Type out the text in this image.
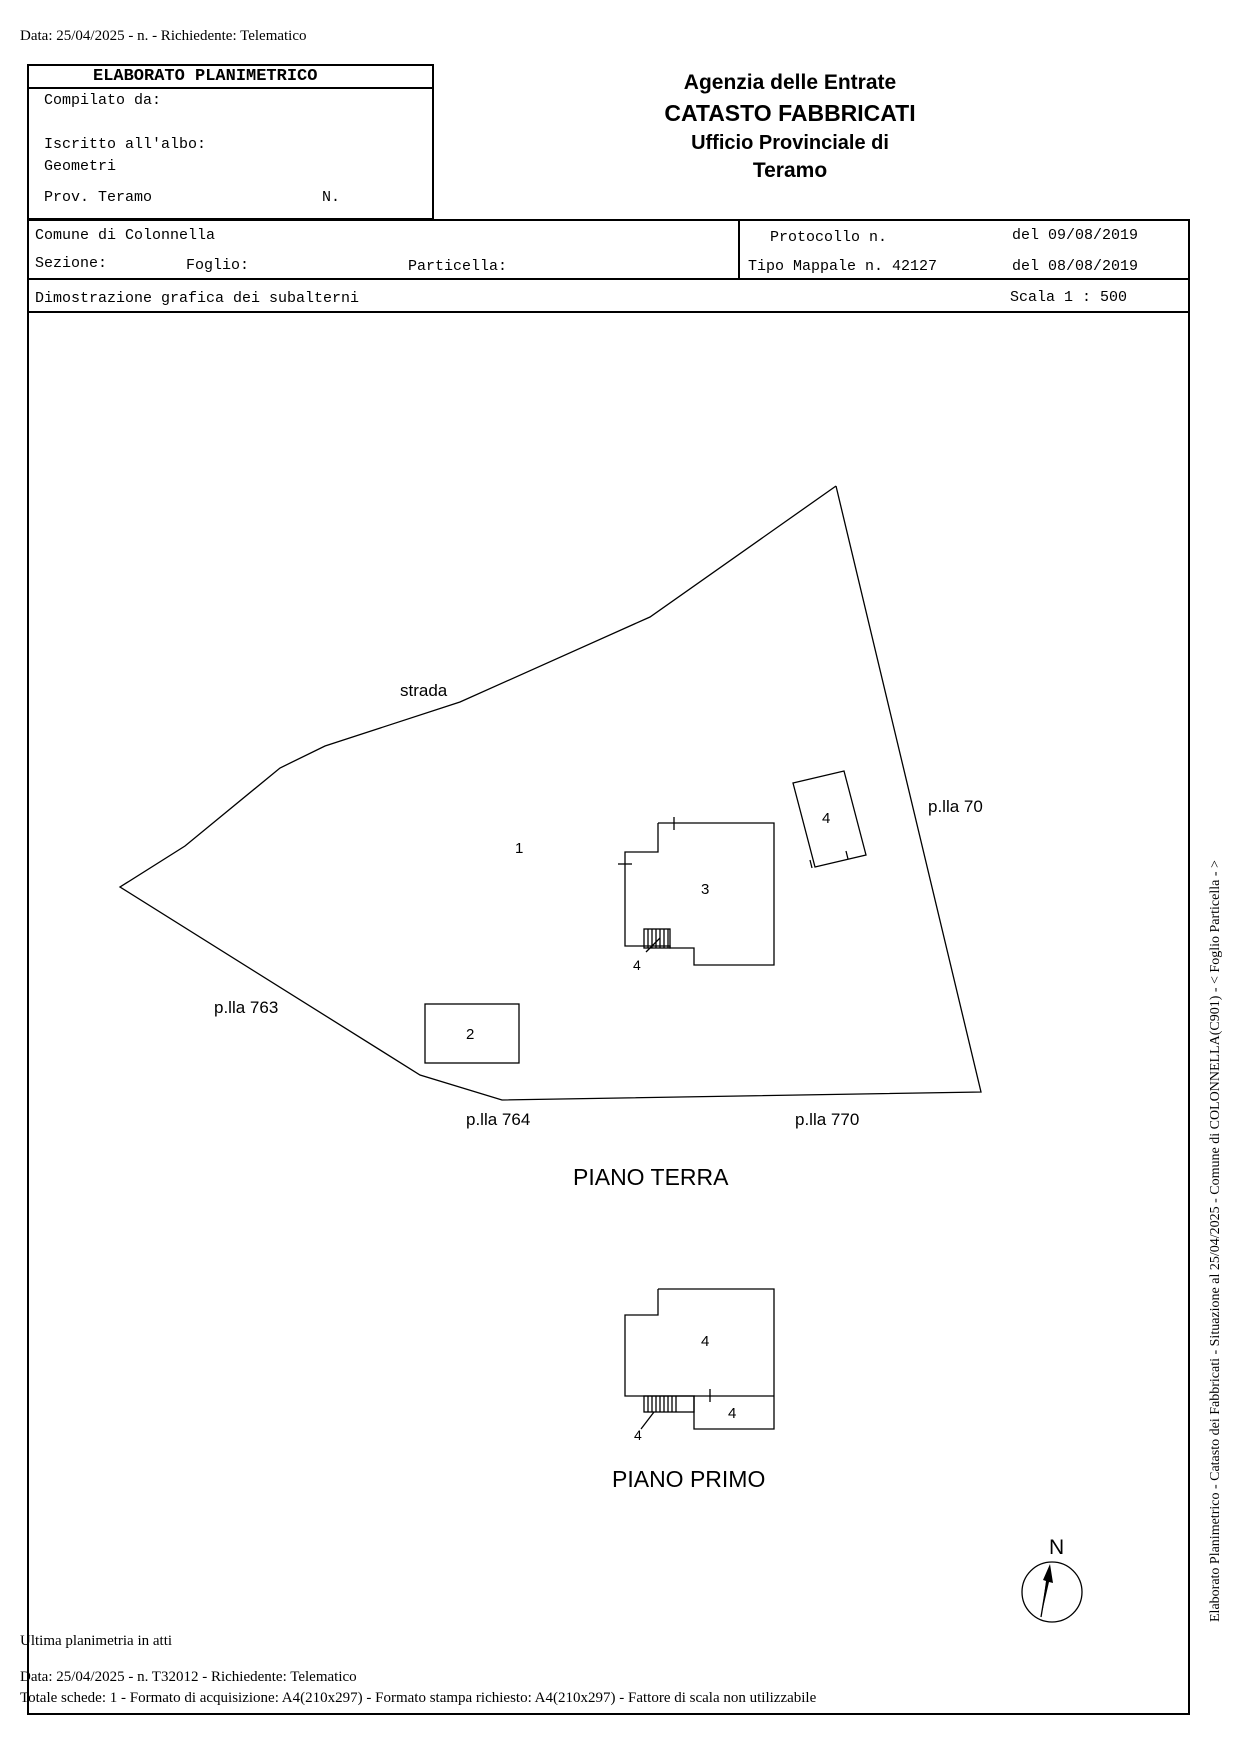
Data: 25/04/2025 - n. - Richiedente: Telematico
ELABORATO PLANIMETRICO
Compilato da:
Iscritto all'albo:
Geometri
Prov. Teramo	N.
Agenzia delle Entrate
CATASTO FABBRICATI
Ufficio Provinciale di
Teramo
Comune di Colonnella
Sezione:	Foglio:	Particella:
Protocollo n.	del 09/08/2019
Tipo Mappale n. 42127	del 08/08/2019
Dimostrazione grafica dei subalterni	Scala 1 : 500
strada
p.lla 70
p.lla 763
p.lla 764	p.lla 770
1
2
3
4
4
PIANO TERRA
PIANO PRIMO
4
4
4
N	Elaborato Planimetrico - Catasto dei Fabbricati - Situazione al 25/04/2025 - Comune di COLONNELLA(C901) - < Foglio Particella - >
Ultima planimetria in atti
Data: 25/04/2025 - n. T32012 - Richiedente: Telematico
Totale schede: 1 - Formato di acquisizione: A4(210x297) - Formato stampa richiesto: A4(210x297) - Fattore di scala non utilizzabile
